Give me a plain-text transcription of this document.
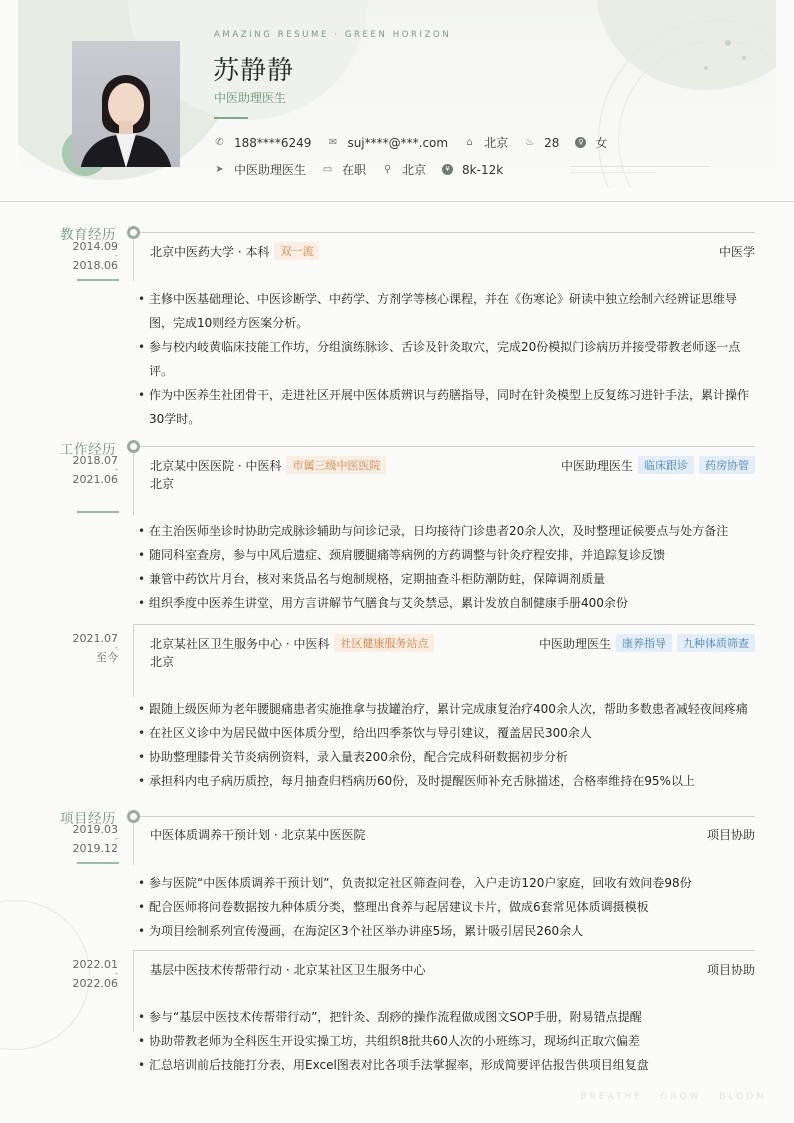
AMAZING RESUME · GREEN HORIZON
苏静静
中医助理医生
✆ 188****6249 ✉ suj****@***.com ⌂ 北京 ♨ 28	♀ 女
➤ 中医助理医生 ▭ 在职 ⚲ 北京	¥ 8k-12k
教育经历
2014.09
-
2018.06
北京中医药大学 · 本科	双一流	中医学
• 主修中医基础理论、中医诊断学、中药学、方剂学等核心课程，并在《伤寒论》研读中独立绘制六经辨证思维导图，完成10则经方医案分析。
• 参与校内岐黄临床技能工作坊，分组演练脉诊、舌诊及针灸取穴，完成20份模拟门诊病历并接受带教老师逐一点评。
• 作为中医养生社团骨干，走进社区开展中医体质辨识与药膳指导，同时在针灸模型上反复练习进针手法，累计操作30学时。
工作经历
2018.07
-
2021.06
北京某中医医院 · 中医科	市属三级中医医院	中医助理医生	临床跟诊	药房协管
北京
• 在主治医师坐诊时协助完成脉诊辅助与问诊记录，日均接待门诊患者20余人次，及时整理证候要点与处方备注
• 随同科室查房，参与中风后遗症、颈肩腰腿痛等病例的方药调整与针灸疗程安排，并追踪复诊反馈
• 兼管中药饮片月台，核对来货品名与炮制规格，定期抽查斗柜防潮防蛀，保障调剂质量
• 组织季度中医养生讲堂，用方言讲解节气膳食与艾灸禁忌，累计发放自制健康手册400余份
2021.07
-
至今
北京某社区卫生服务中心 · 中医科	社区健康服务站点	中医助理医生	康养指导	九种体质筛查
北京
• 跟随上级医师为老年腰腿痛患者实施推拿与拔罐治疗，累计完成康复治疗400余人次，帮助多数患者减轻夜间疼痛
• 在社区义诊中为居民做中医体质分型，给出四季茶饮与导引建议，覆盖居民300余人
• 协助整理膝骨关节炎病例资料，录入量表200余份，配合完成科研数据初步分析
• 承担科内电子病历质控，每月抽查归档病历60份，及时提醒医师补充舌脉描述，合格率维持在95%以上
项目经历
2019.03
-
2019.12
中医体质调养干预计划 · 北京某中医医院	项目协助
• 参与医院“中医体质调养干预计划”，负责拟定社区筛查问卷，入户走访120户家庭，回收有效问卷98份
• 配合医师将问卷数据按九种体质分类，整理出食养与起居建议卡片，做成6套常见体质调摄模板
• 为项目绘制系列宣传漫画，在海淀区3个社区举办讲座5场，累计吸引居民260余人
2022.01
-
2022.06
基层中医技术传帮带行动 · 北京某社区卫生服务中心	项目协助
• 参与“基层中医技术传帮带行动”，把针灸、刮痧的操作流程做成图文SOP手册，附易错点提醒
• 协助带教老师为全科医生开设实操工坊，共组织8批共60人次的小班练习，现场纠正取穴偏差
• 汇总培训前后技能打分表，用Excel图表对比各项手法掌握率，形成简要评估报告供项目组复盘
BREATHE · GROW · BLOOM
